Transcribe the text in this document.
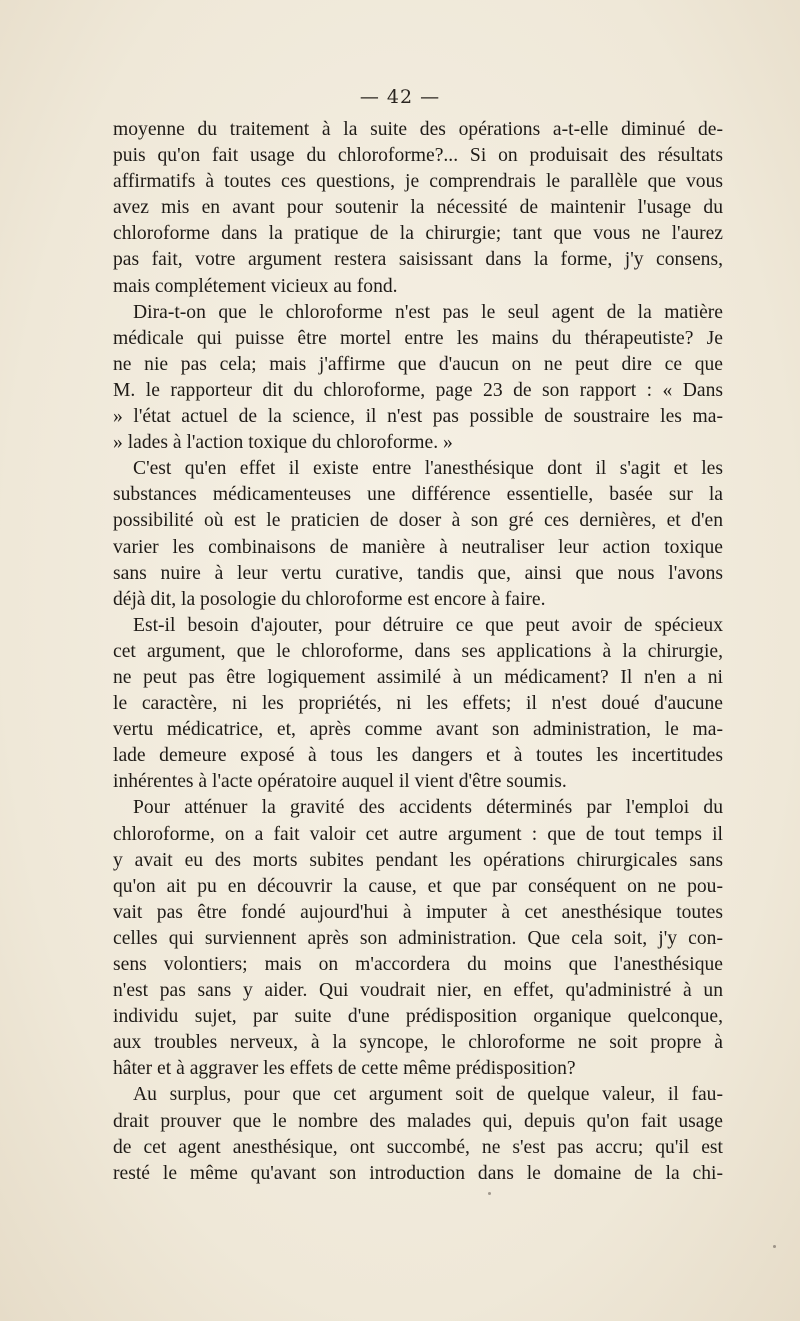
— 42 —

moyenne du traitement à la suite des opérations a-t-elle diminué de-
puis qu'on fait usage du chloroforme?... Si on produisait des résultats
affirmatifs à toutes ces questions, je comprendrais le parallèle que vous
avez mis en avant pour soutenir la nécessité de maintenir l'usage du
chloroforme dans la pratique de la chirurgie; tant que vous ne l'aurez
pas fait, votre argument restera saisissant dans la forme, j'y consens,
mais complétement vicieux au fond.

Dira-t-on que le chloroforme n'est pas le seul agent de la matière
médicale qui puisse être mortel entre les mains du thérapeutiste? Je
ne nie pas cela; mais j'affirme que d'aucun on ne peut dire ce que
M. le rapporteur dit du chloroforme, page 23 de son rapport : « Dans
» l'état actuel de la science, il n'est pas possible de soustraire les ma-
» lades à l'action toxique du chloroforme. »

C'est qu'en effet il existe entre l'anesthésique dont il s'agit et les
substances médicamenteuses une différence essentielle, basée sur la
possibilité où est le praticien de doser à son gré ces dernières, et d'en
varier les combinaisons de manière à neutraliser leur action toxique
sans nuire à leur vertu curative, tandis que, ainsi que nous l'avons
déjà dit, la posologie du chloroforme est encore à faire.

Est-il besoin d'ajouter, pour détruire ce que peut avoir de spécieux
cet argument, que le chloroforme, dans ses applications à la chirurgie,
ne peut pas être logiquement assimilé à un médicament? Il n'en a ni
le caractère, ni les propriétés, ni les effets; il n'est doué d'aucune
vertu médicatrice, et, après comme avant son administration, le ma-
lade demeure exposé à tous les dangers et à toutes les incertitudes
inhérentes à l'acte opératoire auquel il vient d'être soumis.

Pour atténuer la gravité des accidents déterminés par l'emploi du
chloroforme, on a fait valoir cet autre argument : que de tout temps il
y avait eu des morts subites pendant les opérations chirurgicales sans
qu'on ait pu en découvrir la cause, et que par conséquent on ne pou-
vait pas être fondé aujourd'hui à imputer à cet anesthésique toutes
celles qui surviennent après son administration. Que cela soit, j'y con-
sens volontiers; mais on m'accordera du moins que l'anesthésique
n'est pas sans y aider. Qui voudrait nier, en effet, qu'administré à un
individu sujet, par suite d'une prédisposition organique quelconque,
aux troubles nerveux, à la syncope, le chloroforme ne soit propre à
hâter et à aggraver les effets de cette même prédisposition?

Au surplus, pour que cet argument soit de quelque valeur, il fau-
drait prouver que le nombre des malades qui, depuis qu'on fait usage
de cet agent anesthésique, ont succombé, ne s'est pas accru; qu'il est
resté le même qu'avant son introduction dans le domaine de la chi-
